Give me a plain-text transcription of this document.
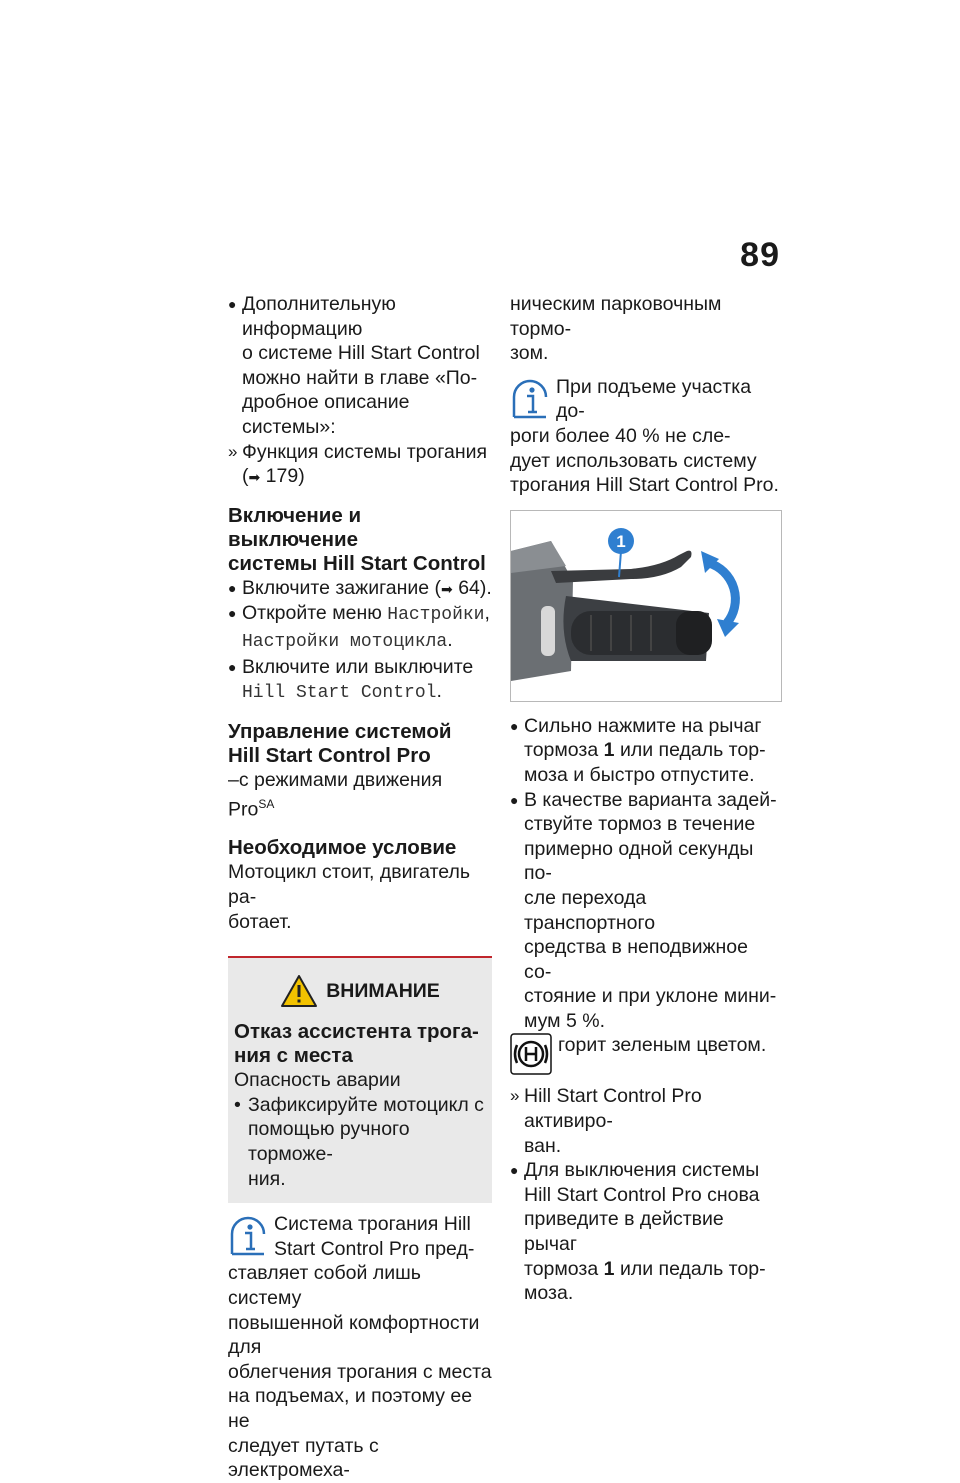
89
● Дополнительную информацию

о системе Hill Start Control

можно найти в главе «По-

дробное описание системы»:

» Функция системы трогания

(➡ 179)

Включение и выключение
системы Hill Start Control
● Включите зажигание (➡ 64).

● Откройте меню Настройки,

Настройки мотоцикла.

● Включите или выключите

Hill Start Control.

Управление системой
Hill Start Control Pro

–с режимами движения Pro$^{SA}$

Необходимое условие

Мотоцикл стоит, двигатель ра-

ботает.

ВНИМАНИЕ
Отказ ассистента трога-
ния с места

Опасность аварии

• Зафиксируйте мотоцикл с

помощью ручного торможе-

ния.

Система трогания Hill

Start Control Pro пред-

ставляет собой лишь систему

повышенной комфортности для

облегчения трогания с места

на подъемах, и поэтому ее не

следует путать с электромеха-

ническим парковочным тормо-

зом.

При подъеме участка до-

роги более 40 % не сле-

дует использовать систему

трогания Hill Start Control Pro.

1
● Сильно нажмите на рычаг

тормоза 1 или педаль тор-

моза и быстро отпустите.

● В качестве варианта задей-

ствуйте тормоз в течение

примерно одной секунды по-

сле перехода транспортного

средства в неподвижное со-

стояние и при уклоне мини-

мум 5 %.

горит зеленым цветом.

» Hill Start Control Pro активиро-

ван.

● Для выключения системы

Hill Start Control Pro снова

приведите в действие рычаг

тормоза 1 или педаль тор-

моза.
